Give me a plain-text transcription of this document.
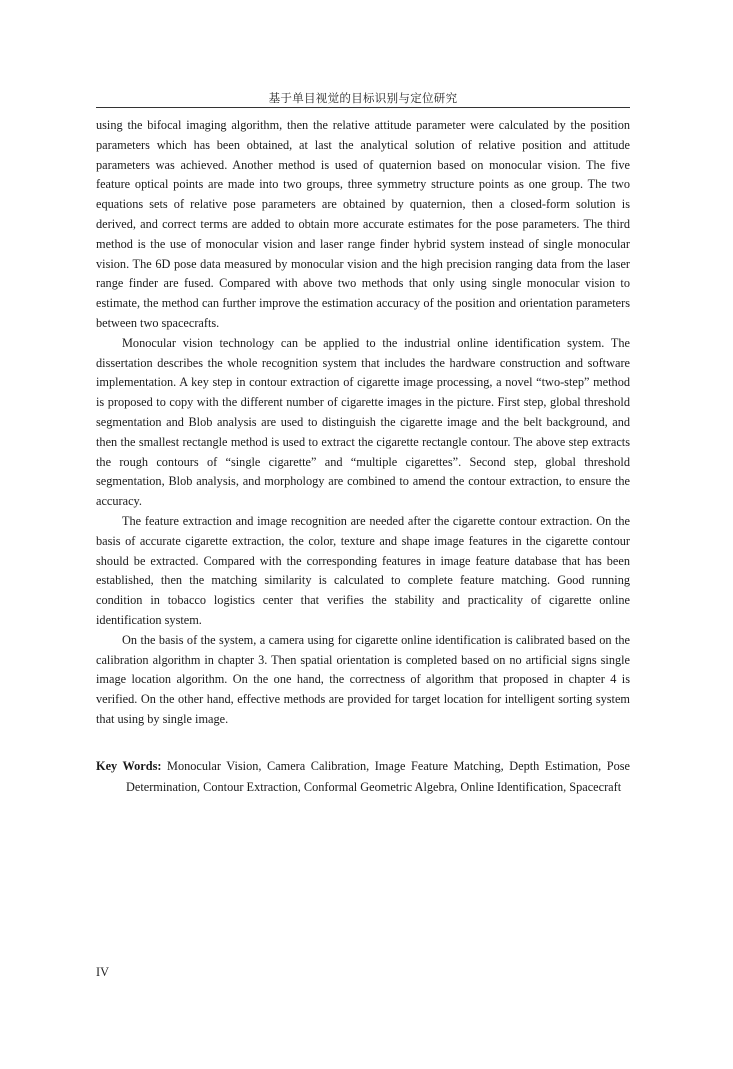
基于单目视觉的目标识别与定位研究

using the bifocal imaging algorithm, then the relative attitude parameter were calculated by the position parameters which has been obtained, at last the analytical solution of relative position and attitude parameters was achieved. Another method is used of quaternion based on monocular vision. The five feature optical points are made into two groups, three symmetry structure points as one group. The two equations sets of relative pose parameters are obtained by quaternion, then a closed-form solution is derived, and correct terms are added to obtain more accurate estimates for the pose parameters. The third method is the use of monocular vision and laser range finder hybrid system instead of single monocular vision. The 6D pose data measured by monocular vision and the high precision ranging data from the laser range finder are fused. Compared with above two methods that only using single monocular vision to estimate, the method can further improve the estimation accuracy of the position and orientation parameters between two spacecrafts.

Monocular vision technology can be applied to the industrial online identification system. The dissertation describes the whole recognition system that includes the hardware construction and software implementation. A key step in contour extraction of cigarette image processing, a novel “two-step” method is proposed to copy with the different number of cigarette images in the picture. First step, global threshold segmentation and Blob analysis are used to distinguish the cigarette image and the belt background, and then the smallest rectangle method is used to extract the cigarette rectangle contour. The above step extracts the rough contours of “single cigarette” and “multiple cigarettes”. Second step, global threshold segmentation, Blob analysis, and morphology are combined to amend the contour extraction, to ensure the accuracy.

The feature extraction and image recognition are needed after the cigarette contour extraction. On the basis of accurate cigarette extraction, the color, texture and shape image features in the cigarette contour should be extracted. Compared with the corresponding features in image feature database that has been established, then the matching similarity is calculated to complete feature matching. Good running condition in tobacco logistics center that verifies the stability and practicality of cigarette online identification system.

On the basis of the system, a camera using for cigarette online identification is calibrated based on the calibration algorithm in chapter 3. Then spatial orientation is completed based on no artificial signs single image location algorithm. On the one hand, the correctness of algorithm that proposed in chapter 4 is verified. On the other hand, effective methods are provided for target location for intelligent sorting system that using by single image.

Key Words: Monocular Vision, Camera Calibration, Image Feature Matching, Depth Estimation, Pose Determination, Contour Extraction, Conformal Geometric Algebra, Online Identification, Spacecraft
IV
